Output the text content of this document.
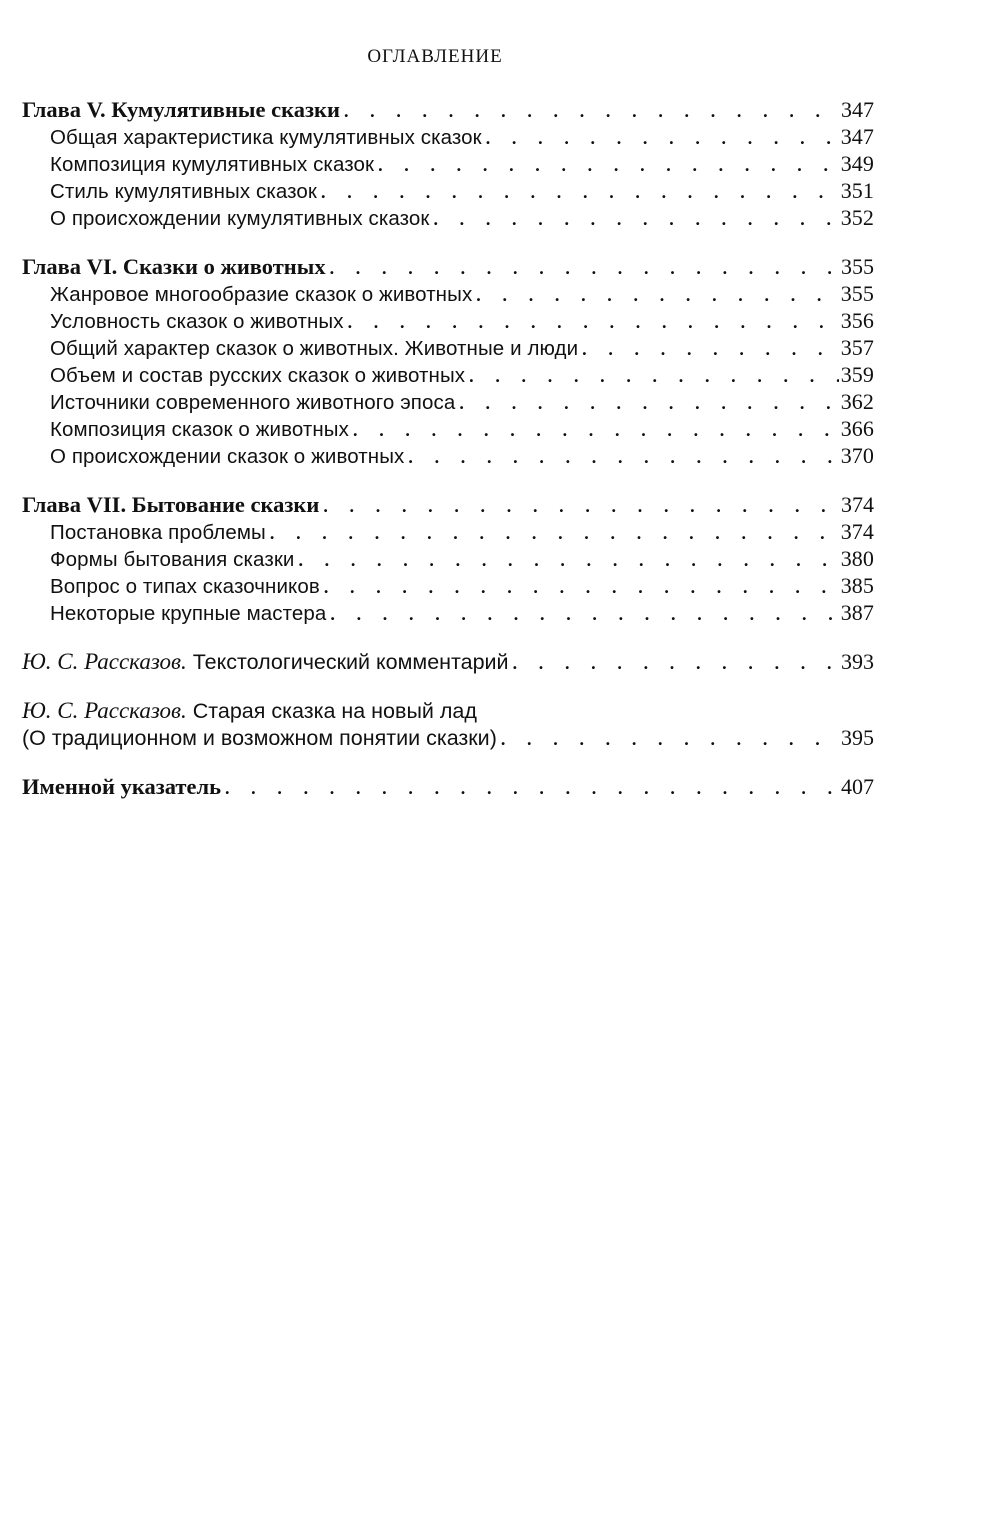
ОГЛАВЛЕНИЕ
Глава V. Кумулятивные сказки . . .	347
Общая характеристика кумулятивных сказок . . .	347
Композиция кумулятивных сказок . . .	349
Стиль кумулятивных сказок . . .	351
О происхождении кумулятивных сказок . . .	352
Глава VI. Сказки о животных . . .	355
Жанровое многообразие сказок о животных . . .	355
Условность сказок о животных . . .	356
Общий характер сказок о животных. Животные и люди . . .	357
Объем и состав русских сказок о животных . . .	359
Источники современного животного эпоса . . .	362
Композиция сказок о животных . . .	366
О происхождении сказок о животных . . .	370
Глава VII. Бытование сказки . . .	374
Постановка проблемы . . .	374
Формы бытования сказки . . .	380
Вопрос о типах сказочников . . .	385
Некоторые крупные мастера . . .	387
Ю. С. Рассказов. Текстологический комментарий . . .	393
Ю. С. Рассказов. Старая сказка на новый лад
(О традиционном и возможном понятии сказки) . . .	395
Именной указатель . . .	407
